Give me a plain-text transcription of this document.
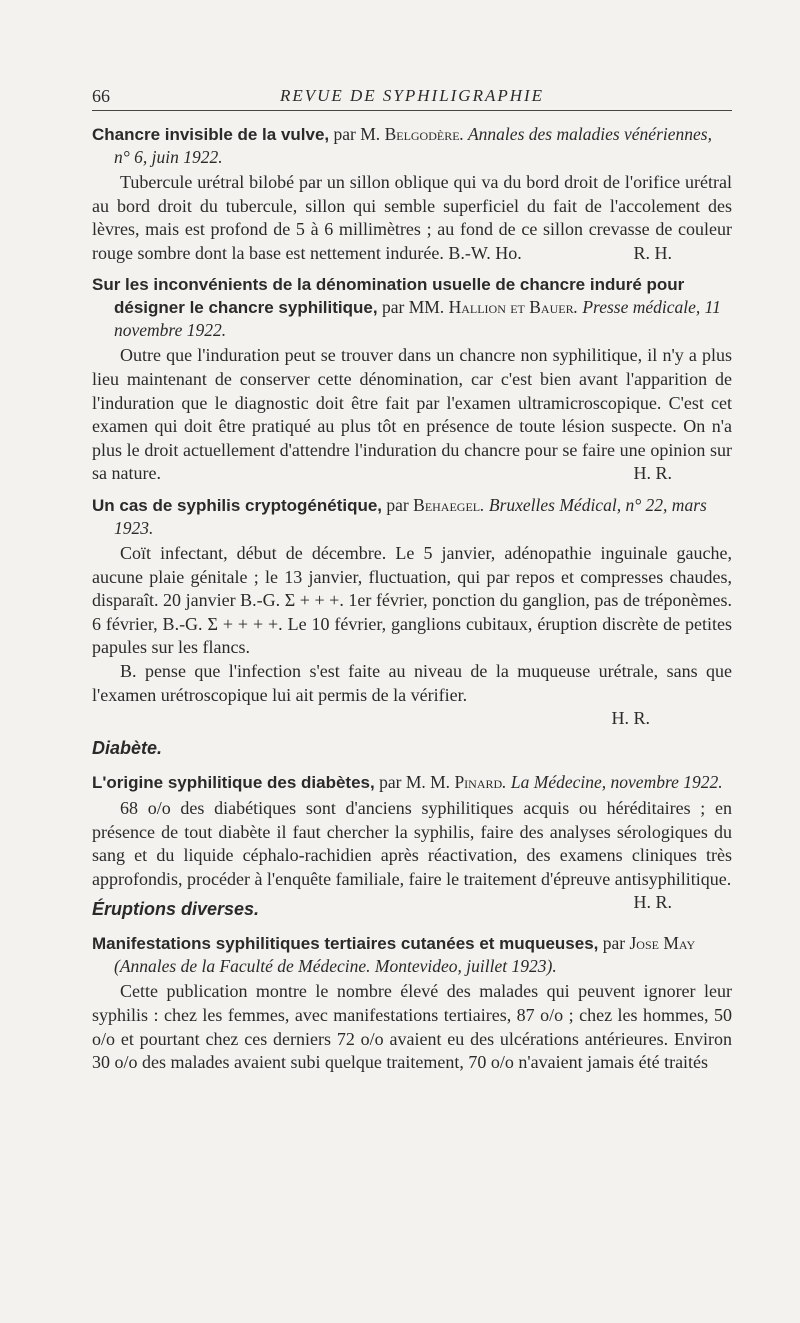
66	REVUE DE SYPHILIGRAPHIE

Chancre invisible de la vulve, par M. Belgodère. Annales des maladies vénériennes, n° 6, juin 1922.

Tubercule urétral bilobé par un sillon oblique qui va du bord droit de l'orifice urétral au bord droit du tubercule, sillon qui semble superficiel du fait de l'accolement des lèvres, mais est profond de 5 à 6 millimètres ; au fond de ce sillon crevasse de couleur rouge sombre dont la base est nettement indurée. B.-W. Ho.	R. H.

Sur les inconvénients de la dénomination usuelle de chancre induré pour désigner le chancre syphilitique, par MM. Hallion et Bauer. Presse médicale, 11 novembre 1922.

Outre que l'induration peut se trouver dans un chancre non syphilitique, il n'y a plus lieu maintenant de conserver cette dénomination, car c'est bien avant l'apparition de l'induration que le diagnostic doit être fait par l'examen ultramicroscopique. C'est cet examen qui doit être pratiqué au plus tôt en présence de toute lésion suspecte. On n'a plus le droit actuellement d'attendre l'induration du chancre pour se faire une opinion sur sa nature.	H. R.

Un cas de syphilis cryptogénétique, par Behaegel. Bruxelles Médical, n° 22, mars 1923.

Coït infectant, début de décembre. Le 5 janvier, adénopathie inguinale gauche, aucune plaie génitale ; le 13 janvier, fluctuation, qui par repos et compresses chaudes, disparaît. 20 janvier B.-G. Σ + + +. 1er février, ponction du ganglion, pas de tréponèmes. 6 février, B.-G. Σ + + + +. Le 10 février, ganglions cubitaux, éruption discrète de petites papules sur les flancs.

B. pense que l'infection s'est faite au niveau de la muqueuse urétrale, sans que l'examen urétroscopique lui ait permis de la vérifier.

H. R.

Diabète.

L'origine syphilitique des diabètes, par M. M. Pinard. La Médecine, novembre 1922.

68 o/o des diabétiques sont d'anciens syphilitiques acquis ou héréditaires ; en présence de tout diabète il faut chercher la syphilis, faire des analyses sérologiques du sang et du liquide céphalo-rachidien après réactivation, des examens cliniques très approfondis, procéder à l'enquête familiale, faire le traitement d'épreuve antisyphilitique.
H. R.

Éruptions diverses.

Manifestations syphilitiques tertiaires cutanées et muqueuses, par Jose May (Annales de la Faculté de Médecine. Montevideo, juillet 1923).

Cette publication montre le nombre élevé des malades qui peuvent ignorer leur syphilis : chez les femmes, avec manifestations tertiaires, 87 o/o ; chez les hommes, 50 o/o et pourtant chez ces derniers 72 o/o avaient eu des ulcérations antérieures. Environ 30 o/o des malades avaient subi quelque traitement, 70 o/o n'avaient jamais été traités
